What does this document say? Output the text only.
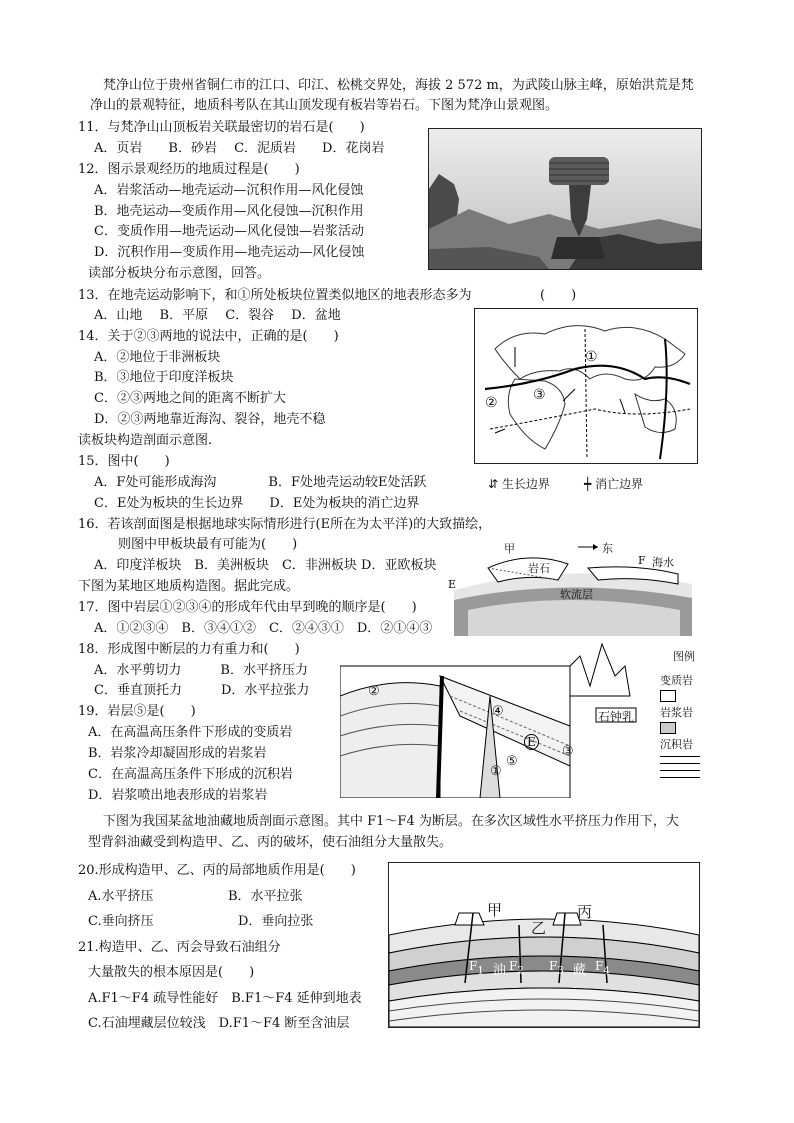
梵净山位于贵州省铜仁市的江口、印江、松桃交界处，海拔 2 572 m，为武陵山脉主峰，原始洪荒是梵
净山的景观特征，地质科考队在其山顶发现有板岩等岩石。下图为梵净山景观图。
11．与梵净山山顶板岩关联最密切的岩石是(　　)
A．页岩　　B．砂岩　 C．泥质岩　　D．花岗岩
12．图示景观经历的地质过程是(　　)
A．岩浆活动—地壳运动—沉积作用—风化侵蚀
B．地壳运动—变质作用—风化侵蚀—沉积作用
C．变质作用—地壳运动—风化侵蚀—岩浆活动
D．沉积作用—变质作用—地壳运动—风化侵蚀
读部分板块分布示意图，回答。
13．在地壳运动影响下，和①所处板块位置类似地区的地表形态多为	(　　)
A．山地　 B．平原　 C．裂谷　 D．盆地
14．关于②③两地的说法中，正确的是(　　)
A．②地位于非洲板块
B．③地位于印度洋板块
C．②③两地之间的距离不断扩大
D．②③两地靠近海沟、裂谷，地壳不稳
读板块构造剖面示意图.
①
②	③
⇵ 生长边界	┿ 消亡边界
15．图中(　　)
A．F处可能形成海沟　　　　B．F处地壳运动较E处活跃
C．E处为板块的生长边界　　D．E处为板块的消亡边界
16．若该剖面图是根据地球实际情形进行(E所在为太平洋)的大致描绘，
则图中甲板块最有可能为(　　)
A．印度洋板块　B．美洲板块　C．非洲板块 D．亚欧板块
下图为某地区地质构造图。据此完成。
甲	东
岩石
F 海水
E
软流层
17．图中岩层①②③④的形成年代由早到晚的顺序是(　　)
A．①②③④　B．③④①②　C．②④③①　D．②①④③
18．形成图中断层的力有重力和(　　)
A．水平剪切力　　　B．水平挤压力
C．垂直顶托力　　　D．水平拉张力
19．岩层⑤是(　　)
A．在高温高压条件下形成的变质岩
B．岩浆冷却凝固形成的岩浆岩
C．在高温高压条件下形成的沉积岩
D．岩浆喷出地表形成的岩浆岩
②
④
E
③
⑤
①
石钟乳
图例
变质岩
岩浆岩
沉积岩
下图为我国某盆地油藏地质剖面示意图。其中 F1～F4 为断层。在多次区域性水平挤压力作用下，大
型背斜油藏受到构造甲、乙、丙的破坏，使石油组分大量散失。
20.形成构造甲、乙、丙的局部地质作用是(　　)
A.水平挤压	B．水平拉张
C.垂向挤压	D．垂向拉张
21.构造甲、乙、丙会导致石油组分
大量散失的根本原因是(　　)
A.F1～F4 疏导性能好　B.F1～F4 延伸到地表
C.石油埋藏层位较浅　D.F1～F4 断至含油层
甲
乙
丙
$F_1$ 油 $F_2$ $F_3$ 藏 $F_4$
